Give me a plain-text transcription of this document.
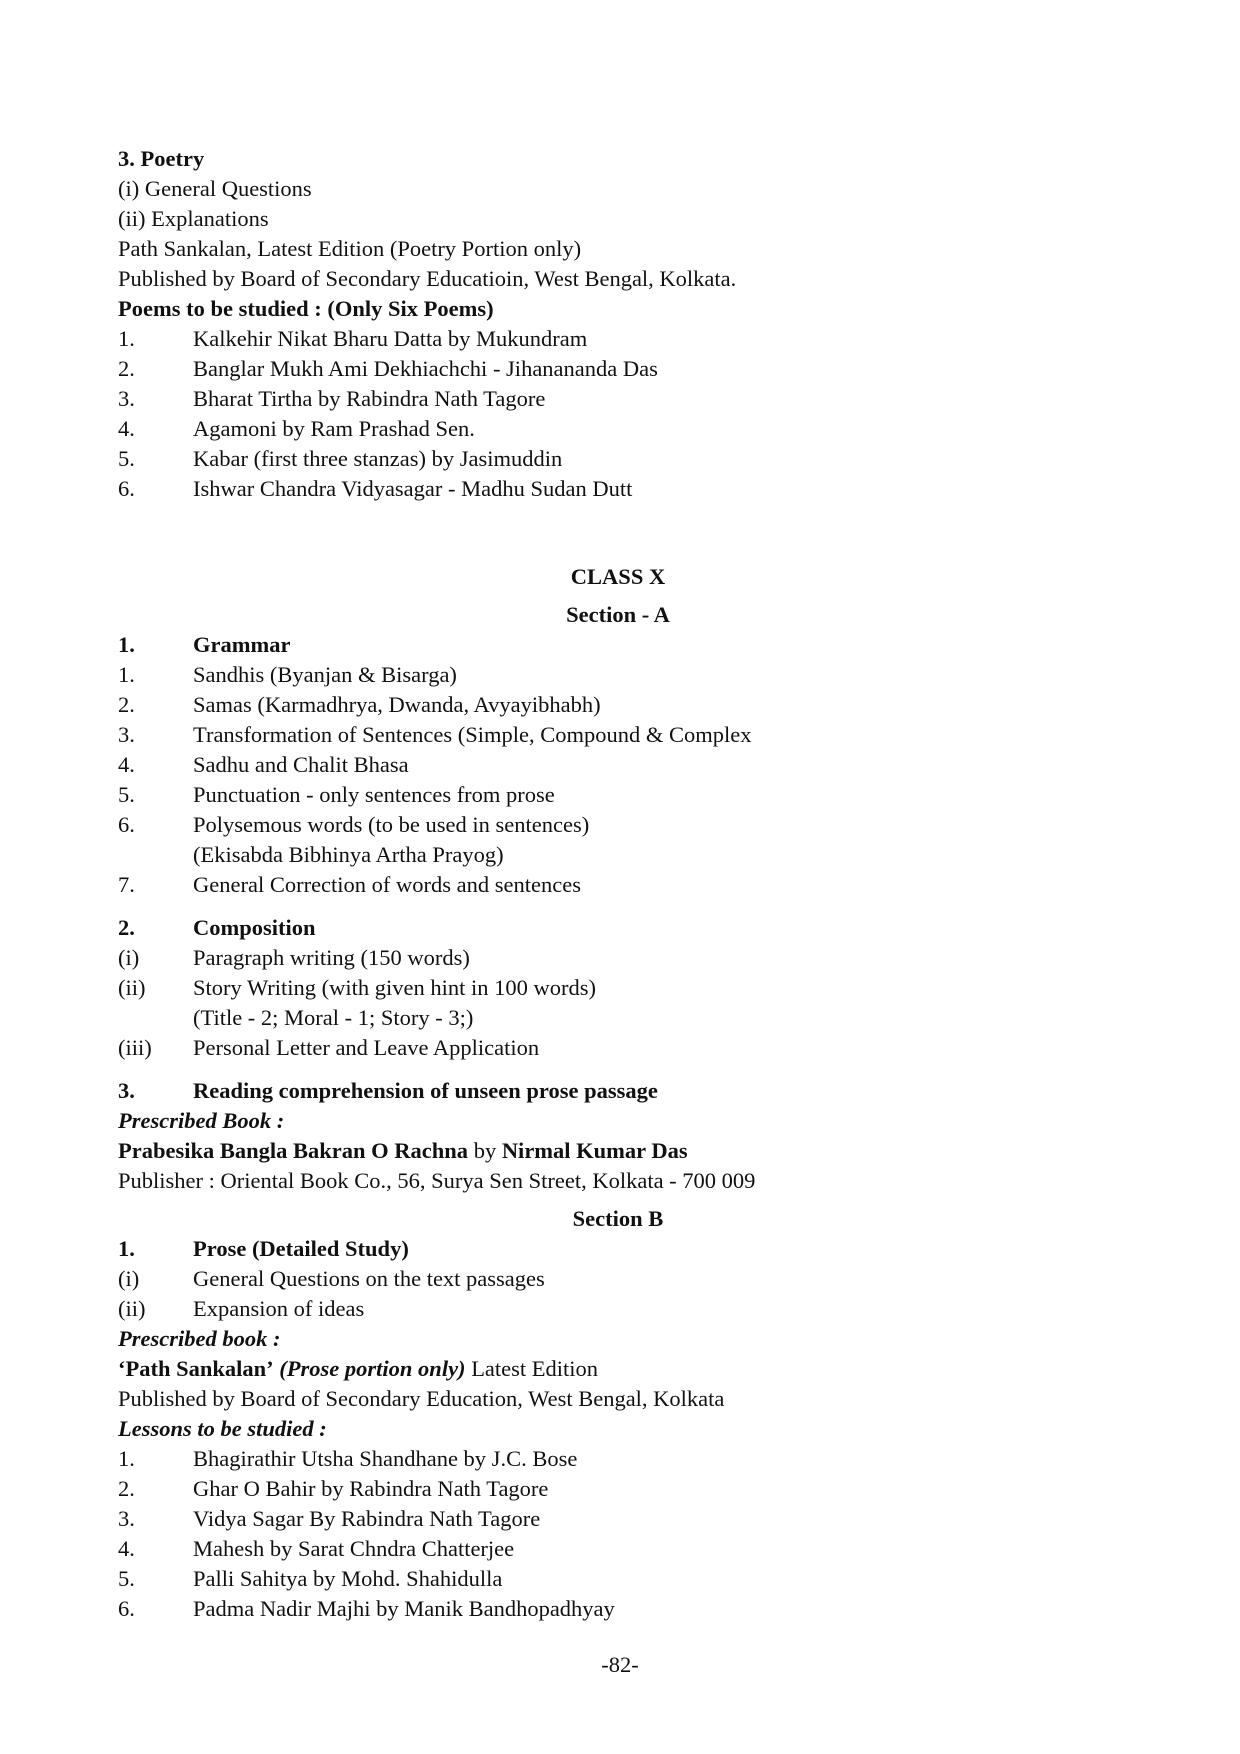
3. Poetry
(i) General Questions
(ii) Explanations
Path Sankalan, Latest Edition (Poetry Portion only)
Published by Board of Secondary Educatioin, West Bengal, Kolkata.
Poems to be studied : (Only Six Poems)
1.	Kalkehir Nikat Bharu Datta by Mukundram
2.	Banglar Mukh Ami Dekhiachchi - Jihanananda Das
3.	Bharat Tirtha by Rabindra Nath Tagore
4.	Agamoni by Ram Prashad Sen.
5.	Kabar (first three stanzas) by Jasimuddin
6.	Ishwar Chandra Vidyasagar - Madhu Sudan Dutt
CLASS X
Section - A
1.	Grammar
1.	Sandhis (Byanjan & Bisarga)
2.	Samas (Karmadhrya, Dwanda, Avyayibhabh)
3.	Transformation of Sentences (Simple, Compound & Complex
4.	Sadhu and Chalit Bhasa
5.	Punctuation - only sentences from prose
6.	Polysemous words (to be used in sentences)
(Ekisabda Bibhinya Artha Prayog)
7.	General Correction of words and sentences
2.	Composition
(i)	Paragraph writing (150 words)
(ii)	Story Writing (with given hint in 100 words)
(Title - 2; Moral - 1; Story - 3;)
(iii)	Personal Letter and Leave Application
3.	Reading comprehension of unseen prose passage
Prescribed Book :
Prabesika Bangla Bakran O Rachna by Nirmal Kumar Das
Publisher : Oriental Book Co., 56, Surya Sen Street, Kolkata - 700 009
Section B
1.	Prose (Detailed Study)
(i)	General Questions on the text passages
(ii)	Expansion of ideas
Prescribed book :
‘Path Sankalan’ (Prose portion only) Latest Edition
Published by Board of Secondary Education, West Bengal, Kolkata
Lessons to be studied :
1.	Bhagirathir Utsha Shandhane by J.C. Bose
2.	Ghar O Bahir by Rabindra Nath Tagore
3.	Vidya Sagar By Rabindra Nath Tagore
4.	Mahesh by Sarat Chndra Chatterjee
5.	Palli Sahitya by Mohd. Shahidulla
6.	Padma Nadir Majhi by Manik Bandhopadhyay
-82-
